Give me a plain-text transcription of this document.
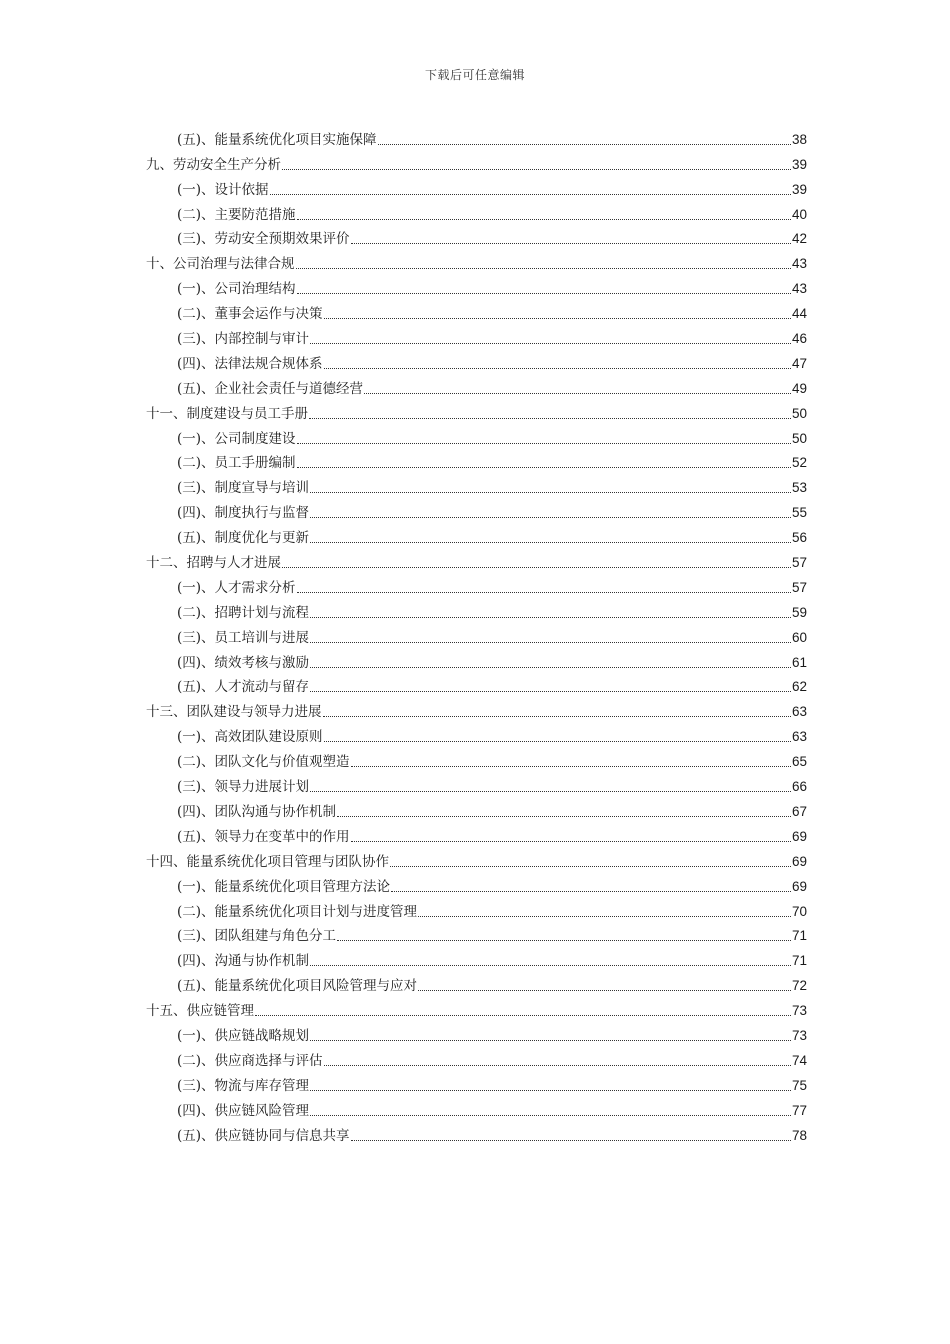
下载后可任意编辑
(五)、能量系统优化项目实施保障	38
九、劳动安全生产分析	39
(一)、设计依据	39
(二)、主要防范措施	40
(三)、劳动安全预期效果评价	42
十、公司治理与法律合规	43
(一)、公司治理结构	43
(二)、董事会运作与决策	44
(三)、内部控制与审计	46
(四)、法律法规合规体系	47
(五)、企业社会责任与道德经营	49
十一、制度建设与员工手册	50
(一)、公司制度建设	50
(二)、员工手册编制	52
(三)、制度宣导与培训	53
(四)、制度执行与监督	55
(五)、制度优化与更新	56
十二、招聘与人才进展	57
(一)、人才需求分析	57
(二)、招聘计划与流程	59
(三)、员工培训与进展	60
(四)、绩效考核与激励	61
(五)、人才流动与留存	62
十三、团队建设与领导力进展	63
(一)、高效团队建设原则	63
(二)、团队文化与价值观塑造	65
(三)、领导力进展计划	66
(四)、团队沟通与协作机制	67
(五)、领导力在变革中的作用	69
十四、能量系统优化项目管理与团队协作	69
(一)、能量系统优化项目管理方法论	69
(二)、能量系统优化项目计划与进度管理	70
(三)、团队组建与角色分工	71
(四)、沟通与协作机制	71
(五)、能量系统优化项目风险管理与应对	72
十五、供应链管理	73
(一)、供应链战略规划	73
(二)、供应商选择与评估	74
(三)、物流与库存管理	75
(四)、供应链风险管理	77
(五)、供应链协同与信息共享	78
